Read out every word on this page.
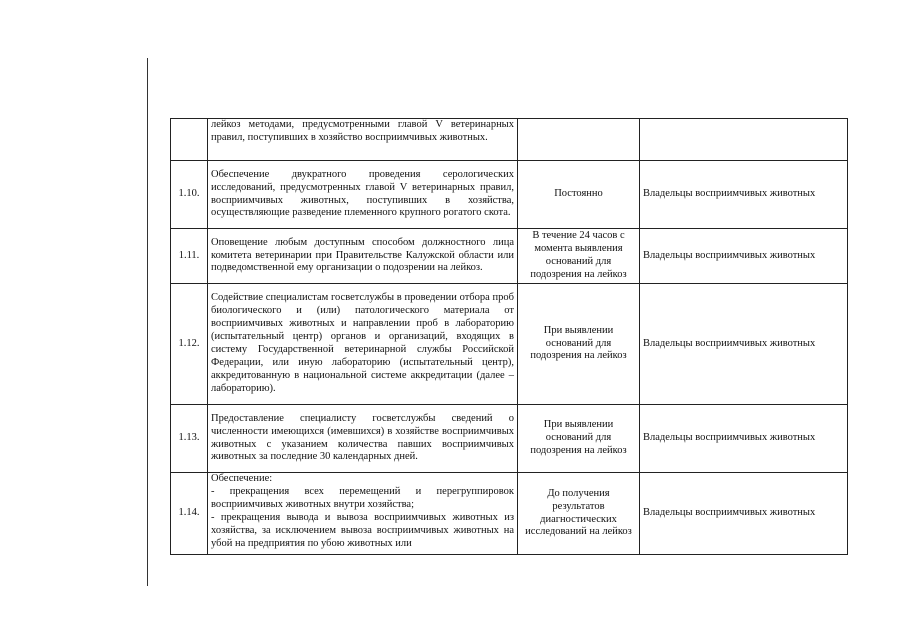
	лейкоз методами, предусмотренными главой V ветеринарных правил, поступивших в хозяйство восприимчивых животных.		

1.10.	Обеспечение двукратного проведения серологических исследований, предусмотренных главой V ветеринарных правил, восприимчивых животных, поступивших в хозяйства, осуществляющие разведение племенного крупного рогатого скота.	Постоянно	Владельцы восприимчивых животных
1.11.	Оповещение любым доступным способом должностного лица комитета ветеринарии при Правительстве Калужской области или подведомственной ему организации о подозрении на лейкоз.	В течение 24 часов с момента выявления оснований для подозрения на лейкоз	Владельцы восприимчивых животных
1.12.	Содействие специалистам госветслужбы в проведении отбора проб биологического и (или) патологического материала от восприимчивых животных и направлении проб в лабораторию (испытательный центр) органов и организаций, входящих в систему Государственной ветеринарной службы Российской Федерации, или иную лабораторию (испытательный центр), аккредитованную в национальной системе аккредитации (далее – лабораторию).	При выявлении оснований для подозрения на лейкоз	Владельцы восприимчивых животных
1.13.	Предоставление специалисту госветслужбы сведений о численности имеющихся (имевшихся) в хозяйстве восприимчивых животных с указанием количества павших восприимчивых животных за последние 30 календарных дней.	При выявлении оснований для подозрения на лейкоз	Владельцы восприимчивых животных
1.14.	Обеспечение:
- прекращения всех перемещений и перегруппировок восприимчивых животных внутри хозяйства;
- прекращения вывода и вывоза восприимчивых животных из хозяйства, за исключением вывоза восприимчивых животных на убой на предприятия по убою животных или	До получения результатов диагностических исследований на лейкоз	Владельцы восприимчивых животных
